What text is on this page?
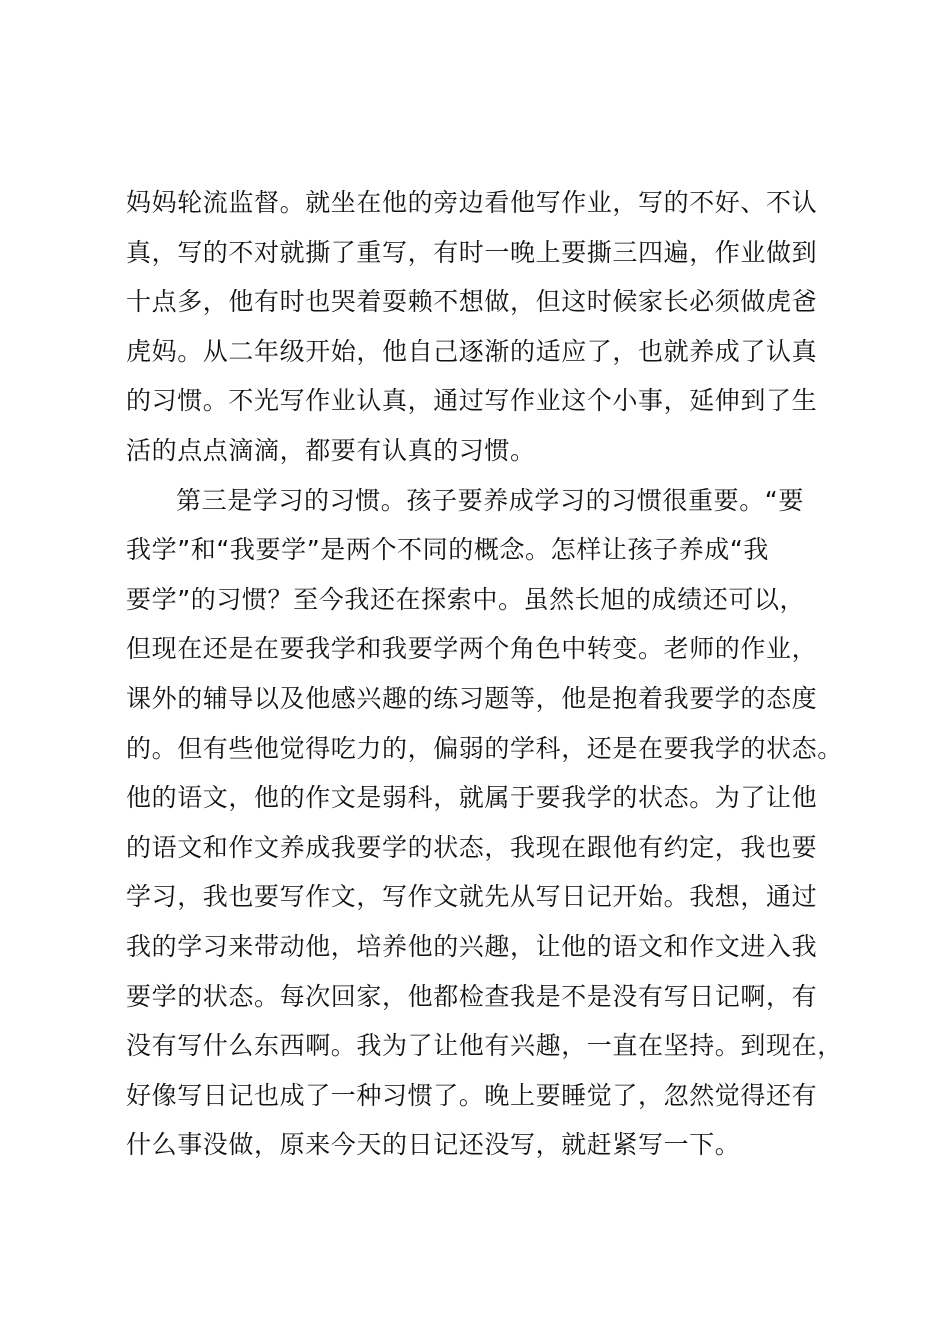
妈妈轮流监督。就坐在他的旁边看他写作业，写的不好、不认
真，写的不对就撕了重写，有时一晚上要撕三四遍，作业做到
十点多，他有时也哭着耍赖不想做，但这时候家长必须做虎爸
虎妈。从二年级开始，他自己逐渐的适应了，也就养成了认真
的习惯。不光写作业认真，通过写作业这个小事，延伸到了生
活的点点滴滴，都要有认真的习惯。
第三是学习的习惯。孩子要养成学习的习惯很重要。“要
我学”和“我要学”是两个不同的概念。怎样让孩子养成“我
要学”的习惯？至今我还在探索中。虽然长旭的成绩还可以，
但现在还是在要我学和我要学两个角色中转变。老师的作业，
课外的辅导以及他感兴趣的练习题等，他是抱着我要学的态度
的。但有些他觉得吃力的，偏弱的学科，还是在要我学的状态。
他的语文，他的作文是弱科，就属于要我学的状态。为了让他
的语文和作文养成我要学的状态，我现在跟他有约定，我也要
学习，我也要写作文，写作文就先从写日记开始。我想，通过
我的学习来带动他，培养他的兴趣，让他的语文和作文进入我
要学的状态。每次回家，他都检查我是不是没有写日记啊，有
没有写什么东西啊。我为了让他有兴趣，一直在坚持。到现在，
好像写日记也成了一种习惯了。晚上要睡觉了，忽然觉得还有
什么事没做，原来今天的日记还没写，就赶紧写一下。
